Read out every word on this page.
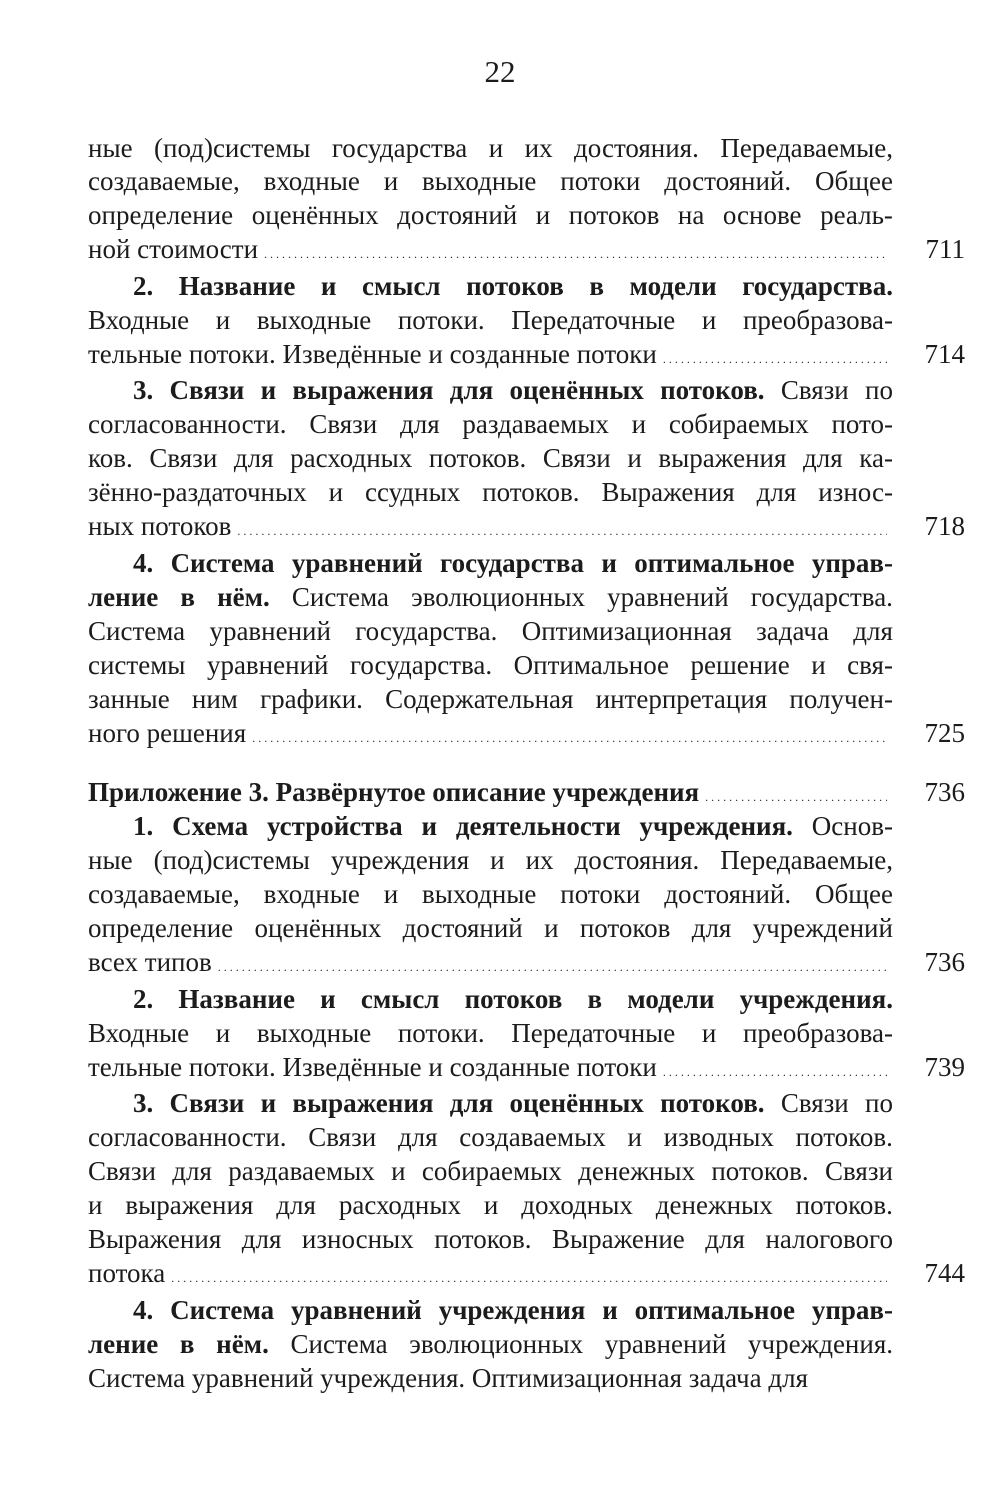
22
ные (под)системы государства и их достояния. Передаваемые,
создаваемые, входные и выходные потоки достояний. Общее
определение оценённых достояний и потоков на основе реаль-
711
ной стоимости
. . .
2. Название и смысл потоков в модели государства.
Входные и выходные потоки. Передаточные и преобразова-
714
тельные потоки. Изведённые и созданные потоки
. . .
3. Связи и выражения для оценённых потоков. Связи по
согласованности. Связи для раздаваемых и собираемых пото-
ков. Связи для расходных потоков. Связи и выражения для ка-
зённо-раздаточных и ссудных потоков. Выражения для износ-
718
ных потоков
. . .
4. Система уравнений государства и оптимальное управ-
ление в нём. Система эволюционных уравнений государства.
Система уравнений государства. Оптимизационная задача для
системы уравнений государства. Оптимальное решение и свя-
занные ним графики. Содержательная интерпретация получен-
725
ного решения
. . .
736
Приложение 3. Развёрнутое описание учреждения
. . .
1. Схема устройства и деятельности учреждения. Основ-
ные (под)системы учреждения и их достояния. Передаваемые,
создаваемые, входные и выходные потоки достояний. Общее
определение оценённых достояний и потоков для учреждений
736
всех типов
. . .
2. Название и смысл потоков в модели учреждения.
Входные и выходные потоки. Передаточные и преобразова-
739
тельные потоки. Изведённые и созданные потоки
. . .
3. Связи и выражения для оценённых потоков. Связи по
согласованности. Связи для создаваемых и изводных потоков.
Связи для раздаваемых и собираемых денежных потоков. Связи
и выражения для расходных и доходных денежных потоков.
Выражения для износных потоков. Выражение для налогового
744
потока
. . .
4. Система уравнений учреждения и оптимальное управ-
ление в нём. Система эволюционных уравнений учреждения.
Система уравнений учреждения. Оптимизационная задача для
